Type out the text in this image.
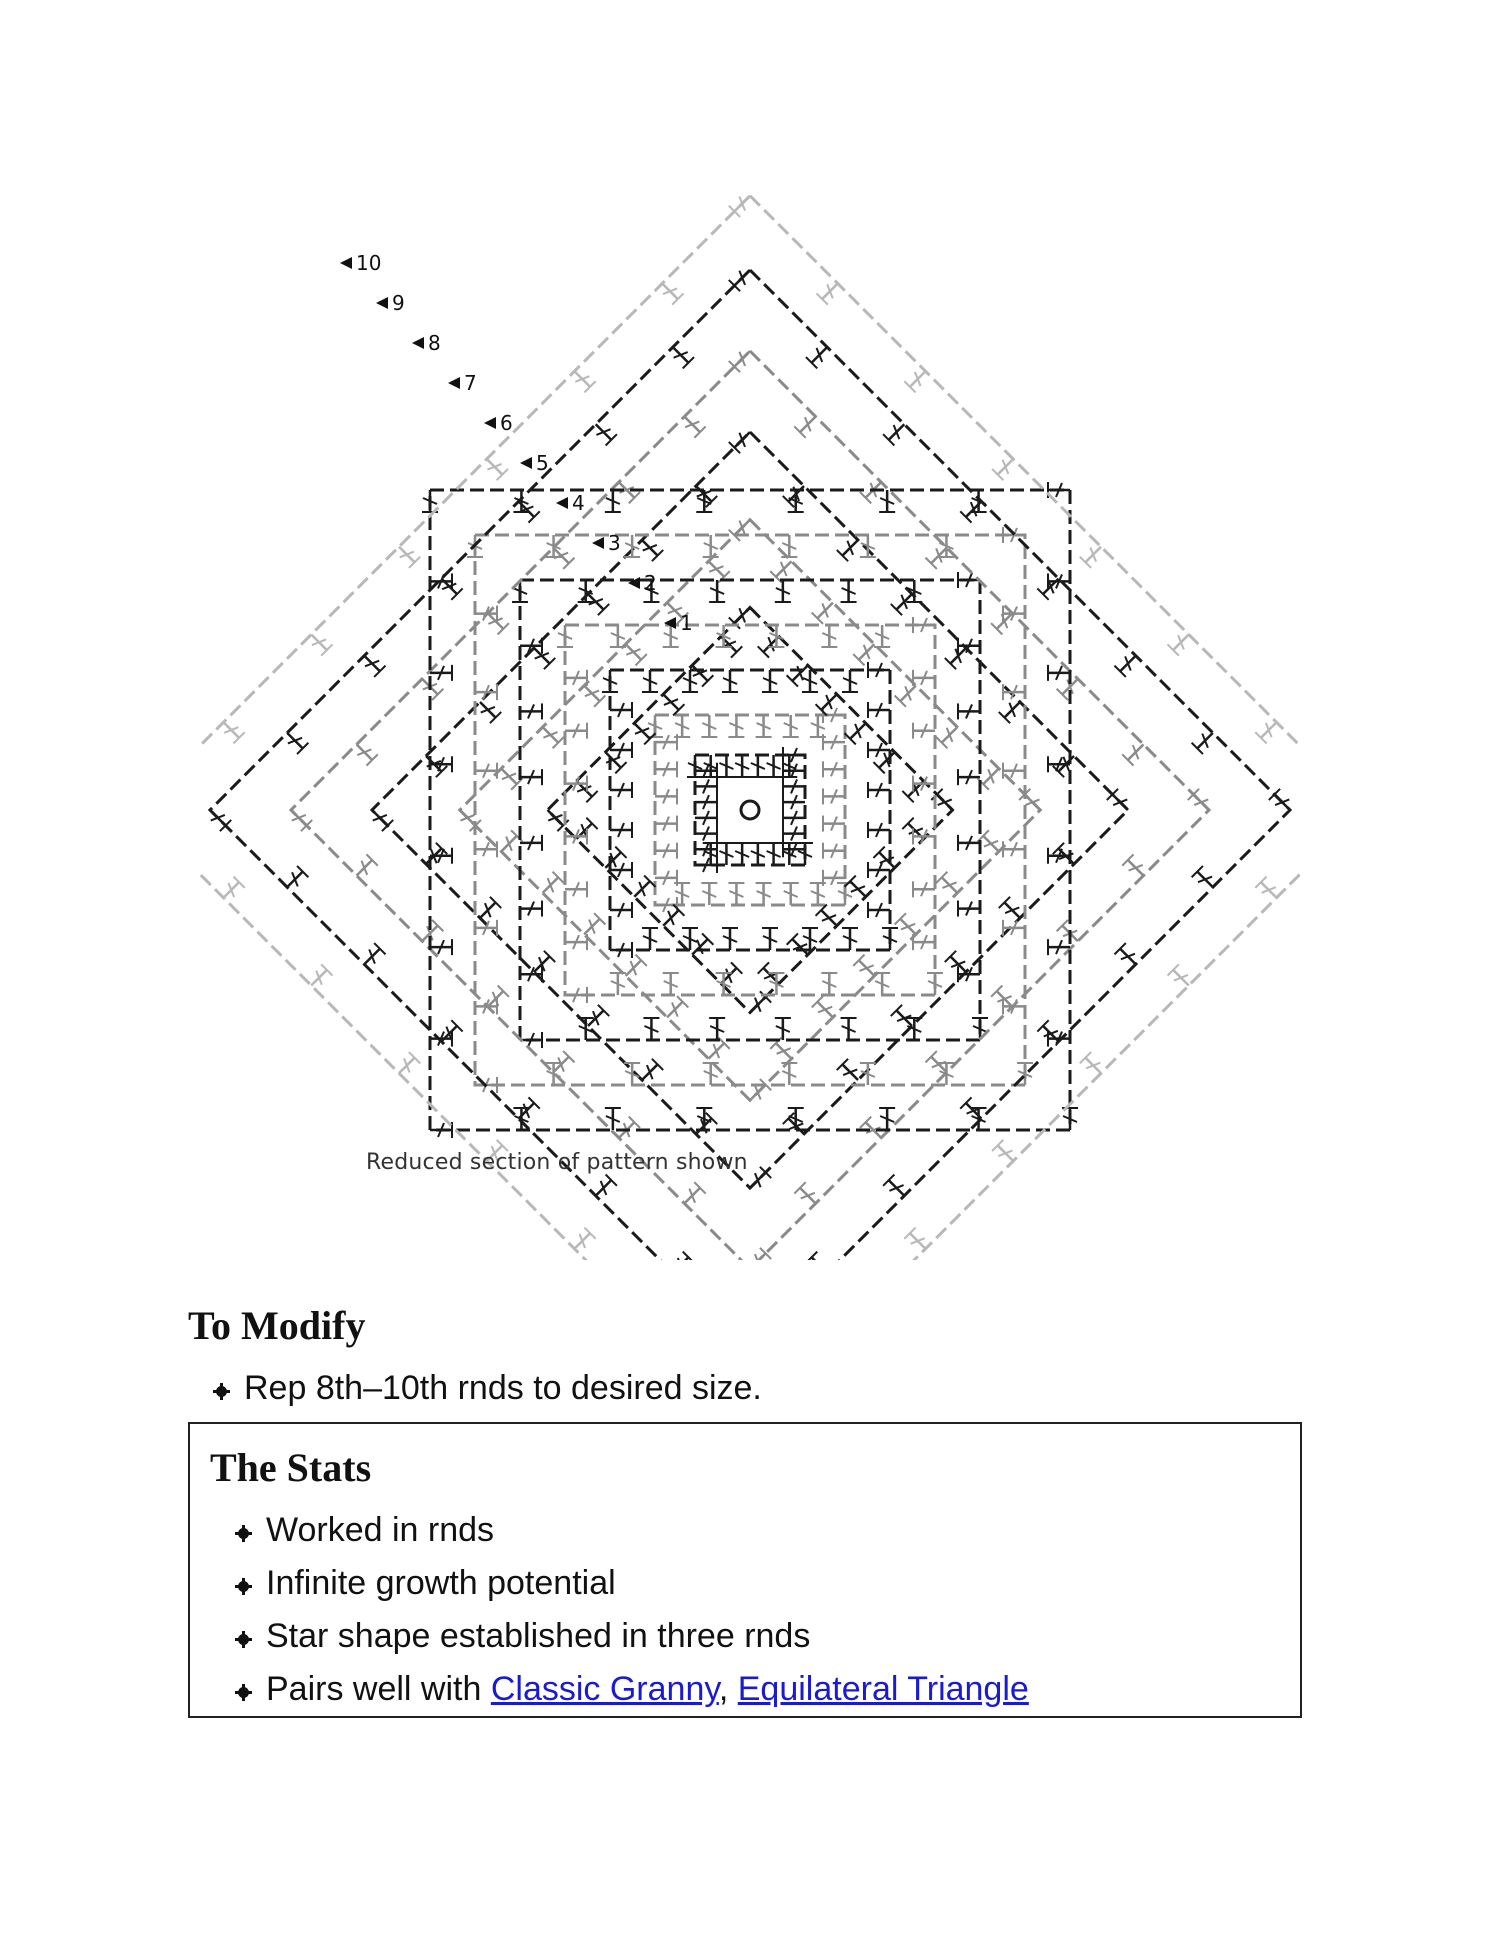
1
2
3
4
5
6
7
8
9
10
Reduced section of pattern shown
To Modify
Rep 8th–10th rnds to desired size.
The Stats
Worked in rnds
Infinite growth potential
Star shape established in three rnds
Pairs well with Classic Granny, Equilateral Triangle
